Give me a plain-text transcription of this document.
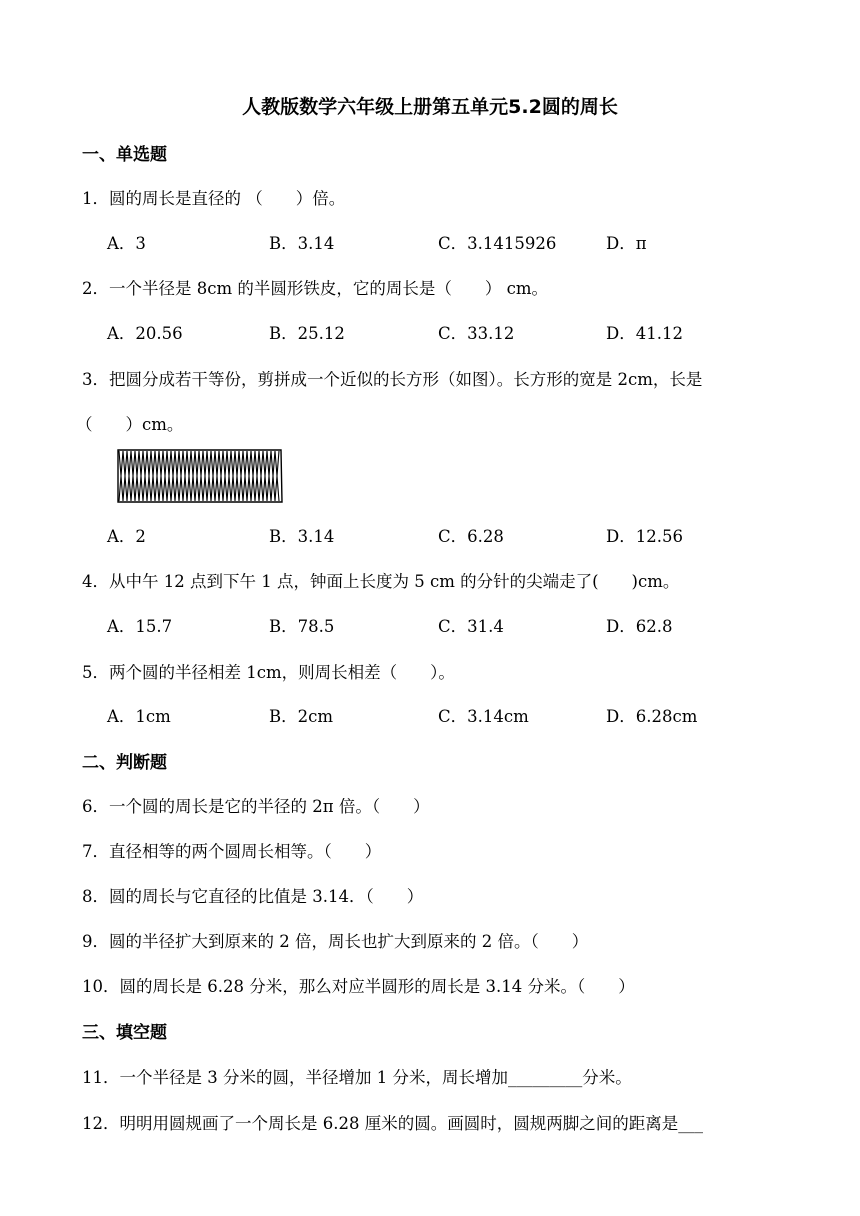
人教版数学六年级上册第五单元5.2圆的周长
一、单选题
1．圆的周长是直径的 （　　）倍。
A．3	B．3.14	C．3.1415926	D．π
2．一个半径是 8cm 的半圆形铁皮，它的周长是（　　） cm。
A．20.56	B．25.12	C．33.12	D．41.12
3．把圆分成若干等份，剪拼成一个近似的长方形（如图）。长方形的宽是 2cm，长是
（　　）cm。
A．2	B．3.14	C．6.28	D．12.56
4．从中午 12 点到下午 1 点，钟面上长度为 5 cm 的分针的尖端走了(　　)cm。
A．15.7	B．78.5	C．31.4	D．62.8
5．两个圆的半径相差 1cm，则周长相差（　　）。
A．1cm	B．2cm	C．3.14cm	D．6.28cm
二、判断题
6．一个圆的周长是它的半径的 2π 倍。（　　）
7．直径相等的两个圆周长相等。（　　）
8．圆的周长与它直径的比值是 3.14．（　　）
9．圆的半径扩大到原来的 2 倍，周长也扩大到原来的 2 倍。（　　）
10．圆的周长是 6.28 分米，那么对应半圆形的周长是 3.14 分米。（　　）
三、填空题
11．一个半径是 3 分米的圆，半径增加 1 分米，周长增加_________分米。
12．明明用圆规画了一个周长是 6.28 厘米的圆。画圆时，圆规两脚之间的距离是___
